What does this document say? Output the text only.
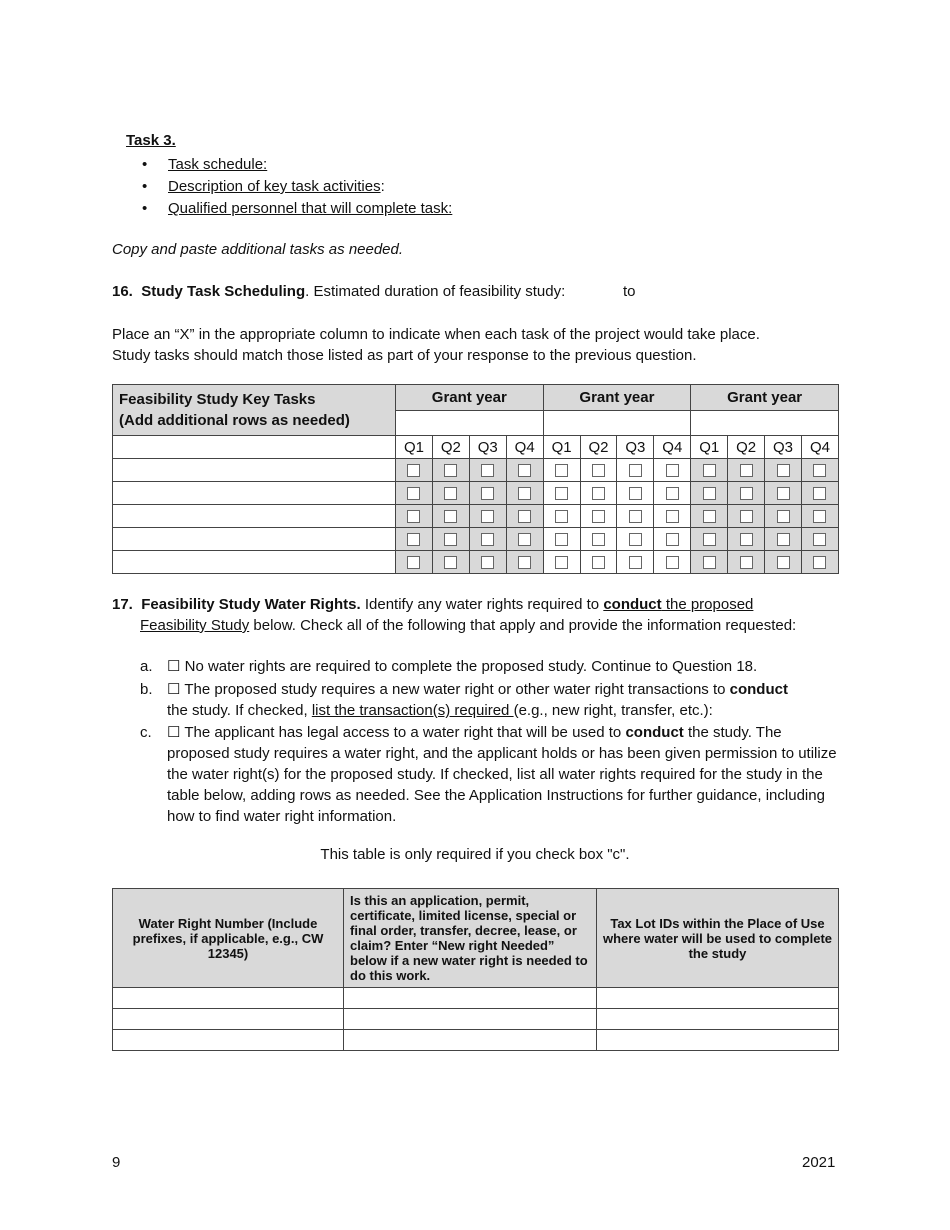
Task 3.
• Task schedule:
• Description of key task activities:
• Qualified personnel that will complete task:
Copy and paste additional tasks as needed.
16. Study Task Scheduling. Estimated duration of feasibility study:	to
Place an “X” in the appropriate column to indicate when each task of the project would take place.
Study tasks should match those listed as part of your response to the previous question.
Feasibility Study Key Tasks
(Add additional rows as needed)	Grant year				Grant year				Grant year			

	Q1	Q2	Q3	Q4	Q1	Q2	Q3	Q4	Q1	Q2	Q3	Q4

17. Feasibility Study Water Rights. Identify any water rights required to conduct the proposed
Feasibility Study below. Check all of the following that apply and provide the information requested:
a. ☐ No water rights are required to complete the proposed study. Continue to Question 18.
b. ☐ The proposed study requires a new water right or other water right transactions to conduct
the study. If checked, list the transaction(s) required (e.g., new right, transfer, etc.):
c. ☐ The applicant has legal access to a water right that will be used to conduct the study. The proposed study requires a water right, and the applicant holds or has been given permission to utilize the water right(s) for the proposed study. If checked, list all water rights required for the study in the table below, adding rows as needed. See the Application Instructions for further guidance, including how to find water right information.
This table is only required if you check box "c".
Water Right Number (Include prefixes, if applicable, e.g., CW 12345)	Is this an application, permit, certificate, limited license, special or final order, transfer, decree, lease, or claim? Enter “New right Needed” below if a new water right is needed to do this work.	Tax Lot IDs within the Place of Use where water will be used to complete the study

9	2021
